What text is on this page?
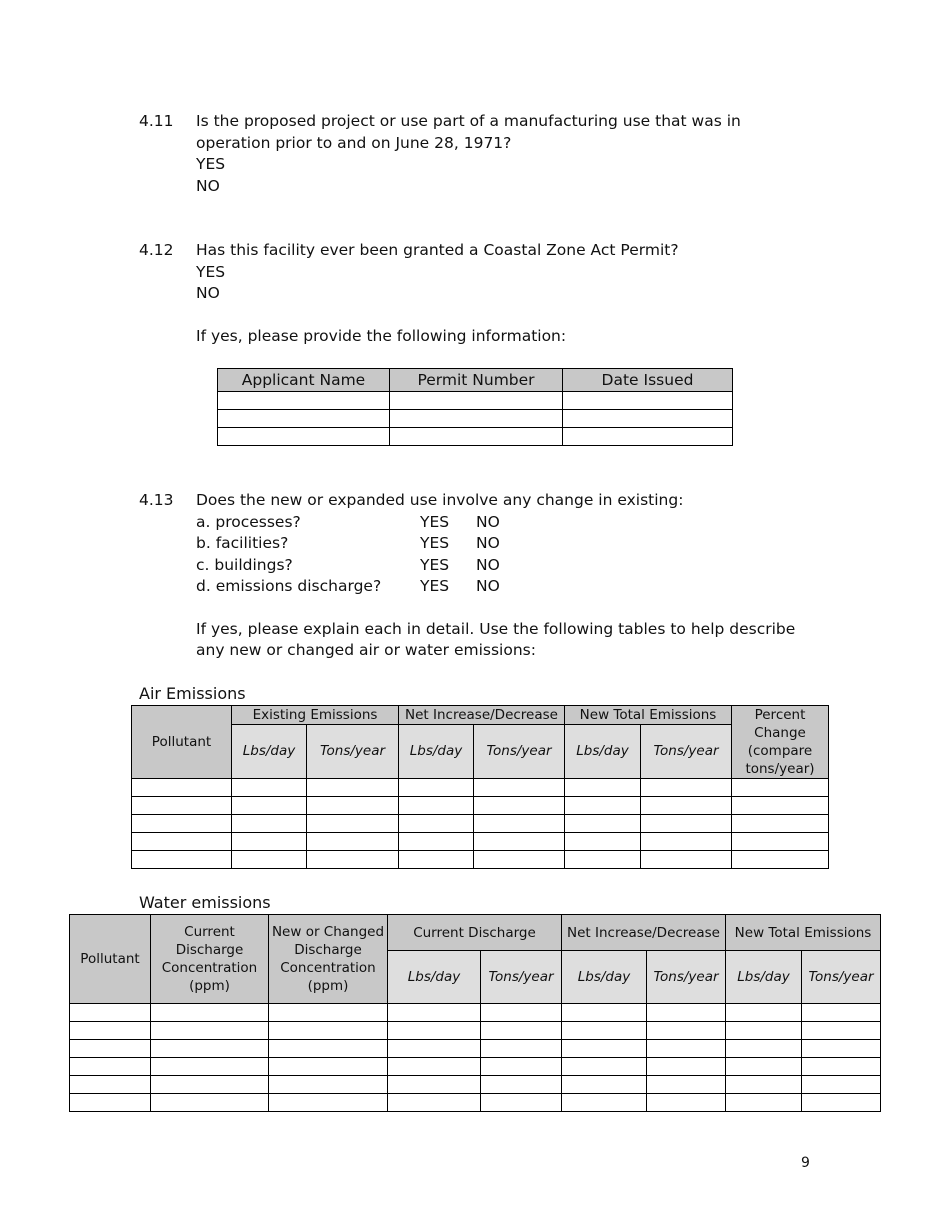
4.11	Is the proposed project or use part of a manufacturing use that was in operation prior to and on June 28, 1971?
YES
NO
4.12	Has this facility ever been granted a Coastal Zone Act Permit?
YES
NO
If yes, please provide the following information:
Applicant Name	Permit Number	Date Issued

4.13	Does the new or expanded use involve any change in existing:
a. processes?	YES	NO
b. facilities?	YES	NO
c. buildings?	YES	NO
d. emissions discharge?	YES	NO
If yes, please explain each in detail. Use the following tables to help describe any new or changed air or water emissions:
Air Emissions
Pollutant	Existing Emissions		Net Increase/Decrease		New Total Emissions		Percent Change (compare tons/year)
	Lbs/day	Tons/year	Lbs/day	Tons/year	Lbs/day	Tons/year	

Water emissions
Pollutant	Current Discharge Concentration (ppm)	New or Changed Discharge Concentration (ppm)	Current Discharge		Net Increase/Decrease		New Total Emissions	
			Lbs/day	Tons/year	Lbs/day	Tons/year	Lbs/day	Tons/year

9
